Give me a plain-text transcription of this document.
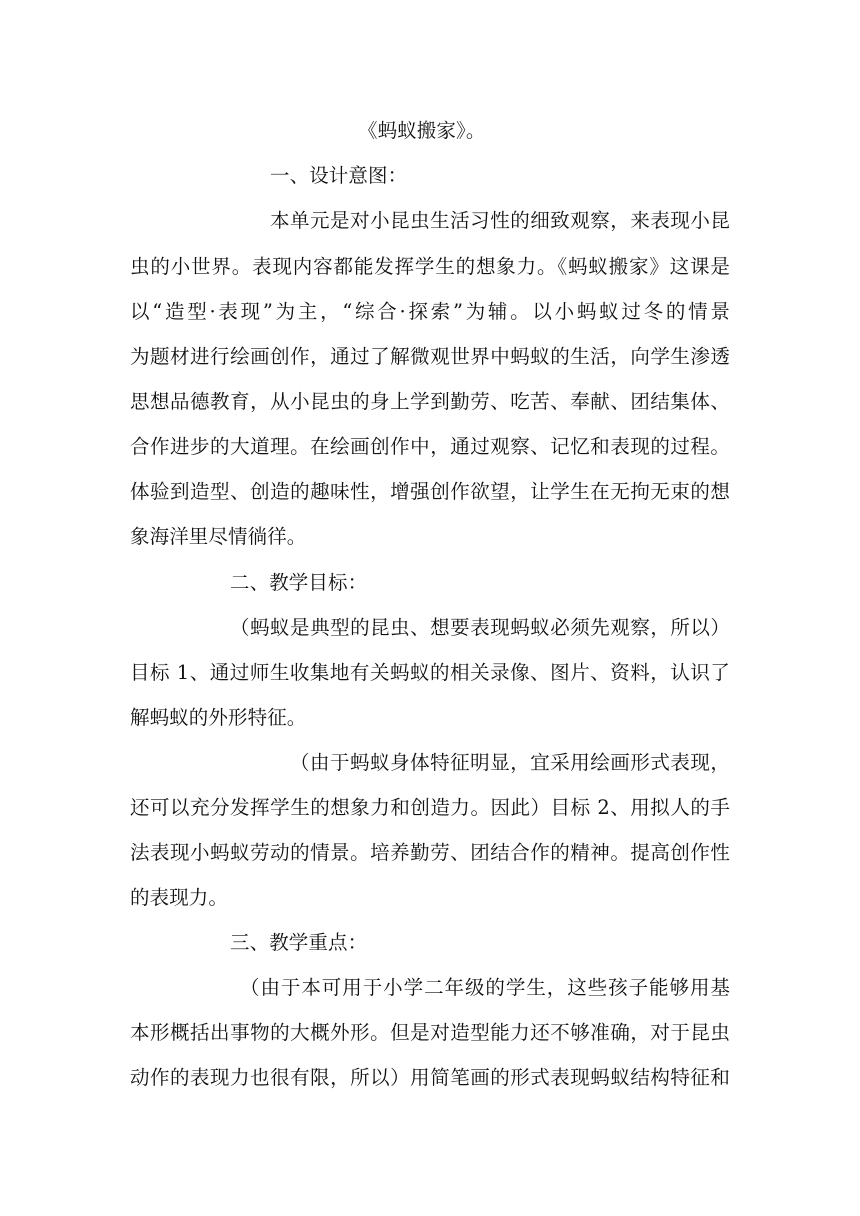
《蚂蚁搬家》。
一、设计意图：
本单元是对小昆虫生活习性的细致观察，来表现小昆
虫的小世界。表现内容都能发挥学生的想象力。《蚂蚁搬家》这课是
以“造型·表现”为主，“综合·探索”为辅。以小蚂蚁过冬的情景
为题材进行绘画创作，通过了解微观世界中蚂蚁的生活，向学生渗透
思想品德教育，从小昆虫的身上学到勤劳、吃苦、奉献、团结集体、
合作进步的大道理。在绘画创作中，通过观察、记忆和表现的过程。
体验到造型、创造的趣味性，增强创作欲望，让学生在无拘无束的想
象海洋里尽情徜徉。
二、教学目标：
（蚂蚁是典型的昆虫、想要表现蚂蚁必须先观察，所以）
目标 1、通过师生收集地有关蚂蚁的相关录像、图片、资料，认识了
解蚂蚁的外形特征。
（由于蚂蚁身体特征明显，宜采用绘画形式表现，
还可以充分发挥学生的想象力和创造力。因此）目标 2、用拟人的手
法表现小蚂蚁劳动的情景。培养勤劳、团结合作的精神。提高创作性
的表现力。
三、教学重点：
（由于本可用于小学二年级的学生，这些孩子能够用基
本形概括出事物的大概外形。但是对造型能力还不够准确，对于昆虫
动作的表现力也很有限，所以）用简笔画的形式表现蚂蚁结构特征和
